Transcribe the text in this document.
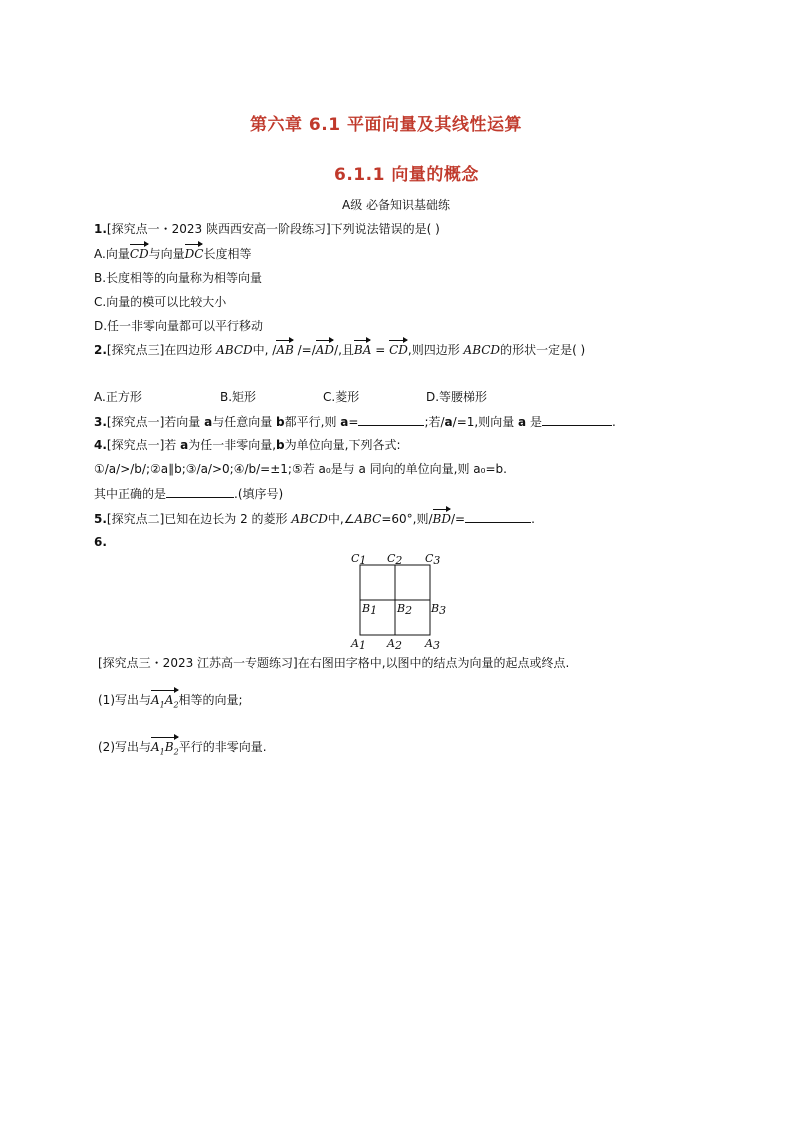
第六章 6.1 平面向量及其线性运算
6.1.1 向量的概念
A级 必备知识基础练
1.[探究点一・2023 陕西西安高一阶段练习]下列说法错误的是( )
A.向量CD与向量DC长度相等
B.长度相等的向量称为相等向量
C.向量的模可以比较大小
D.任一非零向量都可以平行移动
2.[探究点三]在四边形 ABCD中, /AB /=/AD/,且BA = CD,则四边形 ABCD的形状一定是( )
A.正方形	B.矩形	C.菱形	D.等腰梯形
3.[探究点一]若向量 a与任意向量 b都平行,则 a=	;若/a/=1,则向量 a 是	.
4.[探究点一]若 a为任一非零向量,b为单位向量,下列各式:
①/a/>/b/;②a∥b;③/a/>0;④/b/=±1;⑤若 a₀是与 a 同向的单位向量,则 a₀=b.
其中正确的是	.(填序号)
5.[探究点二]已知在边长为 2 的菱形 ABCD中,∠ABC=60°,则/BD/=	.
6.
C1 C2 C3
B1 B2 B3
A1 A2 A3
[探究点三・2023 江苏高一专题练习]在右图田字格中,以图中的结点为向量的起点或终点.
(1)写出与$A_1A_2$相等的向量;
(2)写出与$A_1B_2$平行的非零向量.
